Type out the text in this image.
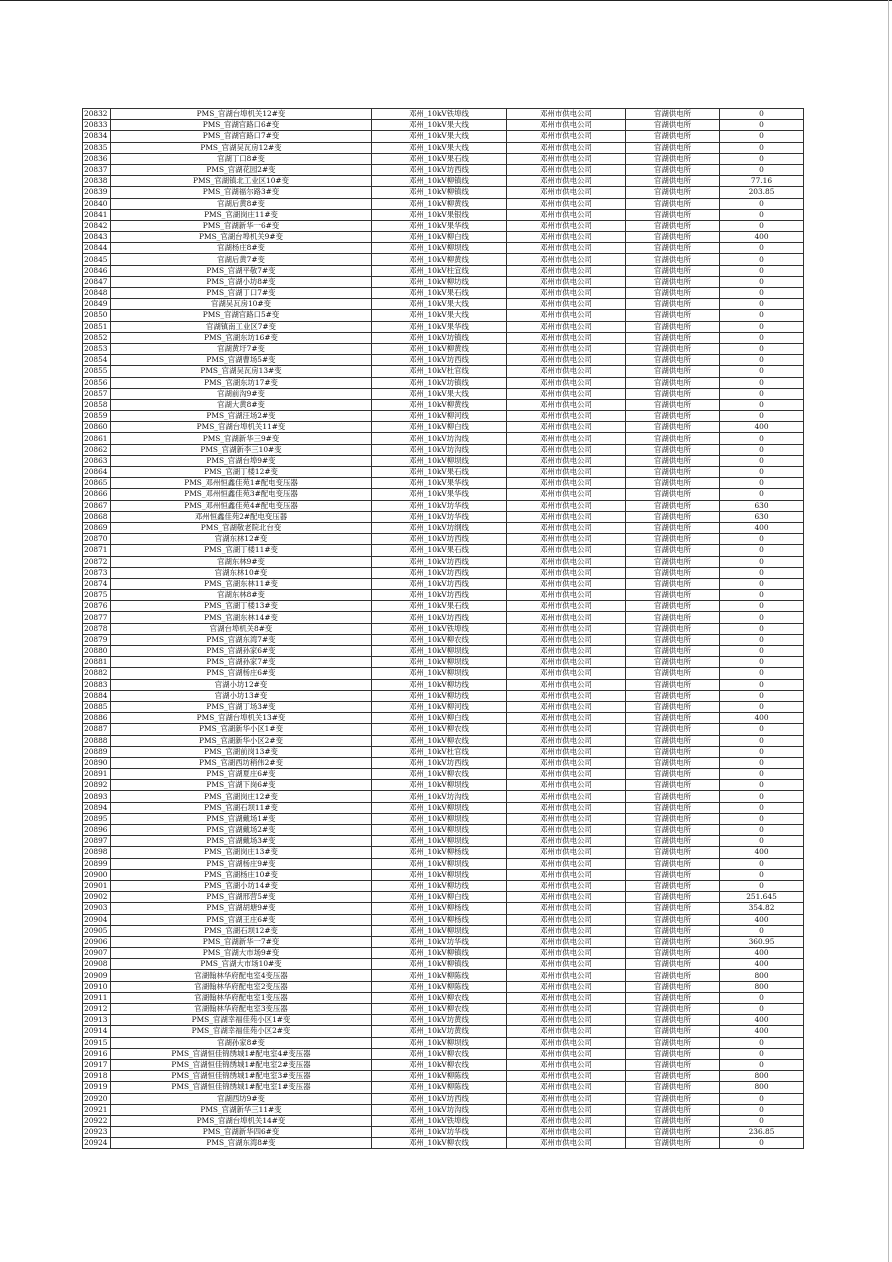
20832	PMS_官湖台埠机关12#变	邓州_10kV铁埠线	邓州市供电公司	官湖供电所	0
20833	PMS_官湖官路口6#变	邓州_10kV果大线	邓州市供电公司	官湖供电所	0
20834	PMS_官湖官路口7#变	邓州_10kV果大线	邓州市供电公司	官湖供电所	0
20835	PMS_官湖吴瓦房12#变	邓州_10kV果大线	邓州市供电公司	官湖供电所	0
20836	官湖丁口8#变	邓州_10kV果石线	邓州市供电公司	官湖供电所	0
20837	PMS_官湖花园2#变	邓州_10kV坊西线	邓州市供电公司	官湖供电所	0
20838	PMS_官湖镇北工业区10#变	邓州_10kV柳镇线	邓州市供电公司	官湖供电所	77.16
20839	PMS_官湖福尔路3#变	邓州_10kV柳镇线	邓州市供电公司	官湖供电所	203.85
20840	官湖后黄8#变	邓州_10kV柳黄线	邓州市供电公司	官湖供电所	0
20841	PMS_官湖岗庄11#变	邓州_10kV果银线	邓州市供电公司	官湖供电所	0
20842	PMS_官湖新华一6#变	邓州_10kV果华线	邓州市供电公司	官湖供电所	0
20843	PMS_官湖台埠机关9#变	邓州_10kV柳白线	邓州市供电公司	官湖供电所	400
20844	官湖杨庄8#变	邓州_10kV柳坝线	邓州市供电公司	官湖供电所	0
20845	官湖后黄7#变	邓州_10kV柳黄线	邓州市供电公司	官湖供电所	0
20846	PMS_官湖平敬7#变	邓州_10kV柱宜线	邓州市供电公司	官湖供电所	0
20847	PMS_官湖小坊8#变	邓州_10kV柳坊线	邓州市供电公司	官湖供电所	0
20848	PMS_官湖丁口7#变	邓州_10kV果石线	邓州市供电公司	官湖供电所	0
20849	官湖吴瓦房10#变	邓州_10kV果大线	邓州市供电公司	官湖供电所	0
20850	PMS_官湖官路口5#变	邓州_10kV果大线	邓州市供电公司	官湖供电所	0
20851	官湖镇南工业区7#变	邓州_10kV果华线	邓州市供电公司	官湖供电所	0
20852	PMS_官湖东坊16#变	邓州_10kV坊镇线	邓州市供电公司	官湖供电所	0
20853	官湖黄圩7#变	邓州_10kV柳黄线	邓州市供电公司	官湖供电所	0
20854	PMS_官湖曹场5#变	邓州_10kV坊西线	邓州市供电公司	官湖供电所	0
20855	PMS_官湖吴瓦房13#变	邓州_10kV杜官线	邓州市供电公司	官湖供电所	0
20856	PMS_官湖东坊17#变	邓州_10kV坊镇线	邓州市供电公司	官湖供电所	0
20857	官湖前沟9#变	邓州_10kV果大线	邓州市供电公司	官湖供电所	0
20858	官湖大黄8#变	邓州_10kV柳黄线	邓州市供电公司	官湖供电所	0
20859	PMS_官湖汪场2#变	邓州_10kV柳河线	邓州市供电公司	官湖供电所	0
20860	PMS_官湖台埠机关11#变	邓州_10kV柳白线	邓州市供电公司	官湖供电所	400
20861	PMS_官湖新华三9#变	邓州_10kV坊沟线	邓州市供电公司	官湖供电所	0
20862	PMS_官湖新李三10#变	邓州_10kV坊沟线	邓州市供电公司	官湖供电所	0
20863	PMS_官湖台埠9#变	邓州_10kV柳坝线	邓州市供电公司	官湖供电所	0
20864	PMS_官湖丁楼12#变	邓州_10kV果石线	邓州市供电公司	官湖供电所	0
20865	PMS_邓州恒鑫佳苑1#配电变压器	邓州_10kV果华线	邓州市供电公司	官湖供电所	0
20866	PMS_邓州恒鑫佳苑3#配电变压器	邓州_10kV果华线	邓州市供电公司	官湖供电所	0
20867	PMS_邓州恒鑫佳苑4#配电变压器	邓州_10kV坊华线	邓州市供电公司	官湖供电所	630
20868	邓州恒鑫佳苑2#配电变压器	邓州_10kV坊华线	邓州市供电公司	官湖供电所	630
20869	PMS_官湖敬老院北台变	邓州_10kV坊纲线	邓州市供电公司	官湖供电所	400
20870	官湖东林12#变	邓州_10kV坊西线	邓州市供电公司	官湖供电所	0
20871	PMS_官湖丁楼11#变	邓州_10kV果石线	邓州市供电公司	官湖供电所	0
20872	官湖东林9#变	邓州_10kV坊西线	邓州市供电公司	官湖供电所	0
20873	官湖东林10#变	邓州_10kV坊西线	邓州市供电公司	官湖供电所	0
20874	PMS_官湖东林11#变	邓州_10kV坊西线	邓州市供电公司	官湖供电所	0
20875	官湖东林8#变	邓州_10kV坊西线	邓州市供电公司	官湖供电所	0
20876	PMS_官湖丁楼13#变	邓州_10kV果石线	邓州市供电公司	官湖供电所	0
20877	PMS_官湖东林14#变	邓州_10kV坊西线	邓州市供电公司	官湖供电所	0
20878	官湖台埠机关8#变	邓州_10kV铁埠线	邓州市供电公司	官湖供电所	0
20879	PMS_官湖东湾7#变	邓州_10kV柳农线	邓州市供电公司	官湖供电所	0
20880	PMS_官湖孙家6#变	邓州_10kV柳坝线	邓州市供电公司	官湖供电所	0
20881	PMS_官湖孙家7#变	邓州_10kV柳坝线	邓州市供电公司	官湖供电所	0
20882	PMS_官湖杨庄6#变	邓州_10kV柳坝线	邓州市供电公司	官湖供电所	0
20883	官湖小坊12#变	邓州_10kV柳坊线	邓州市供电公司	官湖供电所	0
20884	官湖小坊13#变	邓州_10kV柳坊线	邓州市供电公司	官湖供电所	0
20885	PMS_官湖丁场3#变	邓州_10kV柳河线	邓州市供电公司	官湖供电所	0
20886	PMS_官湖台埠机关13#变	邓州_10kV柳白线	邓州市供电公司	官湖供电所	400
20887	PMS_官湖新华小区1#变	邓州_10kV柳农线	邓州市供电公司	官湖供电所	0
20888	PMS_官湖新华小区2#变	邓州_10kV柳农线	邓州市供电公司	官湖供电所	0
20889	PMS_官湖前岗13#变	邓州_10kV杜官线	邓州市供电公司	官湖供电所	0
20890	PMS_官湖西坊稍伟2#变	邓州_10kV坊西线	邓州市供电公司	官湖供电所	0
20891	PMS_官湖夏庄6#变	邓州_10kV柳农线	邓州市供电公司	官湖供电所	0
20892	PMS_官湖下岗6#变	邓州_10kV柳坝线	邓州市供电公司	官湖供电所	0
20893	PMS_官湖岗庄12#变	邓州_10kV坊沟线	邓州市供电公司	官湖供电所	0
20894	PMS_官湖石坝11#变	邓州_10kV柳坝线	邓州市供电公司	官湖供电所	0
20895	PMS_官湖戴场1#变	邓州_10kV柳坝线	邓州市供电公司	官湖供电所	0
20896	PMS_官湖戴场2#变	邓州_10kV柳坝线	邓州市供电公司	官湖供电所	0
20897	PMS_官湖戴场3#变	邓州_10kV柳坝线	邓州市供电公司	官湖供电所	0
20898	PMS_官湖岗庄13#变	邓州_10kV柳杨线	邓州市供电公司	官湖供电所	400
20899	PMS_官湖杨庄9#变	邓州_10kV柳坝线	邓州市供电公司	官湖供电所	0
20900	PMS_官湖杨庄10#变	邓州_10kV柳坝线	邓州市供电公司	官湖供电所	0
20901	PMS_官湖小坊14#变	邓州_10kV柳坊线	邓州市供电公司	官湖供电所	0
20902	PMS_官湖邢营5#变	邓州_10kV柳白线	邓州市供电公司	官湖供电所	251.645
20903	PMS_官湖胡塘9#变	邓州_10kV柳杨线	邓州市供电公司	官湖供电所	354.82
20904	PMS_官湖王庄6#变	邓州_10kV柳杨线	邓州市供电公司	官湖供电所	400
20905	PMS_官湖石坝12#变	邓州_10kV柳坝线	邓州市供电公司	官湖供电所	0
20906	PMS_官湖新华一7#变	邓州_10kV坊华线	邓州市供电公司	官湖供电所	360.95
20907	PMS_官湖大市场9#变	邓州_10kV柳镇线	邓州市供电公司	官湖供电所	400
20908	PMS_官湖大市场10#变	邓州_10kV柳镇线	邓州市供电公司	官湖供电所	400
20909	官湖翰林华府配电室4变压器	邓州_10kV柳陈线	邓州市供电公司	官湖供电所	800
20910	官湖翰林华府配电室2变压器	邓州_10kV柳陈线	邓州市供电公司	官湖供电所	800
20911	官湖翰林华府配电室1变压器	邓州_10kV柳农线	邓州市供电公司	官湖供电所	0
20912	官湖翰林华府配电室3变压器	邓州_10kV柳农线	邓州市供电公司	官湖供电所	0
20913	PMS_官湖幸福佳苑小区1#变	邓州_10kV坊黄线	邓州市供电公司	官湖供电所	400
20914	PMS_官湖幸福佳苑小区2#变	邓州_10kV坊黄线	邓州市供电公司	官湖供电所	400
20915	官湖孙家8#变	邓州_10kV柳坝线	邓州市供电公司	官湖供电所	0
20916	PMS_官湖恒佳锦绣城1#配电室4#变压器	邓州_10kV柳农线	邓州市供电公司	官湖供电所	0
20917	PMS_官湖恒佳锦绣城1#配电室2#变压器	邓州_10kV柳农线	邓州市供电公司	官湖供电所	0
20918	PMS_官湖恒佳锦绣城1#配电室3#变压器	邓州_10kV柳陈线	邓州市供电公司	官湖供电所	800
20919	PMS_官湖恒佳锦绣城1#配电室1#变压器	邓州_10kV柳陈线	邓州市供电公司	官湖供电所	800
20920	官湖西坊9#变	邓州_10kV坊西线	邓州市供电公司	官湖供电所	0
20921	PMS_官湖新华三11#变	邓州_10kV坊沟线	邓州市供电公司	官湖供电所	0
20922	PMS_官湖台埠机关14#变	邓州_10kV铁埠线	邓州市供电公司	官湖供电所	0
20923	PMS_官湖新华四6#变	邓州_10kV坊华线	邓州市供电公司	官湖供电所	236.85
20924	PMS_官湖东湾8#变	邓州_10kV柳农线	邓州市供电公司	官湖供电所	0
